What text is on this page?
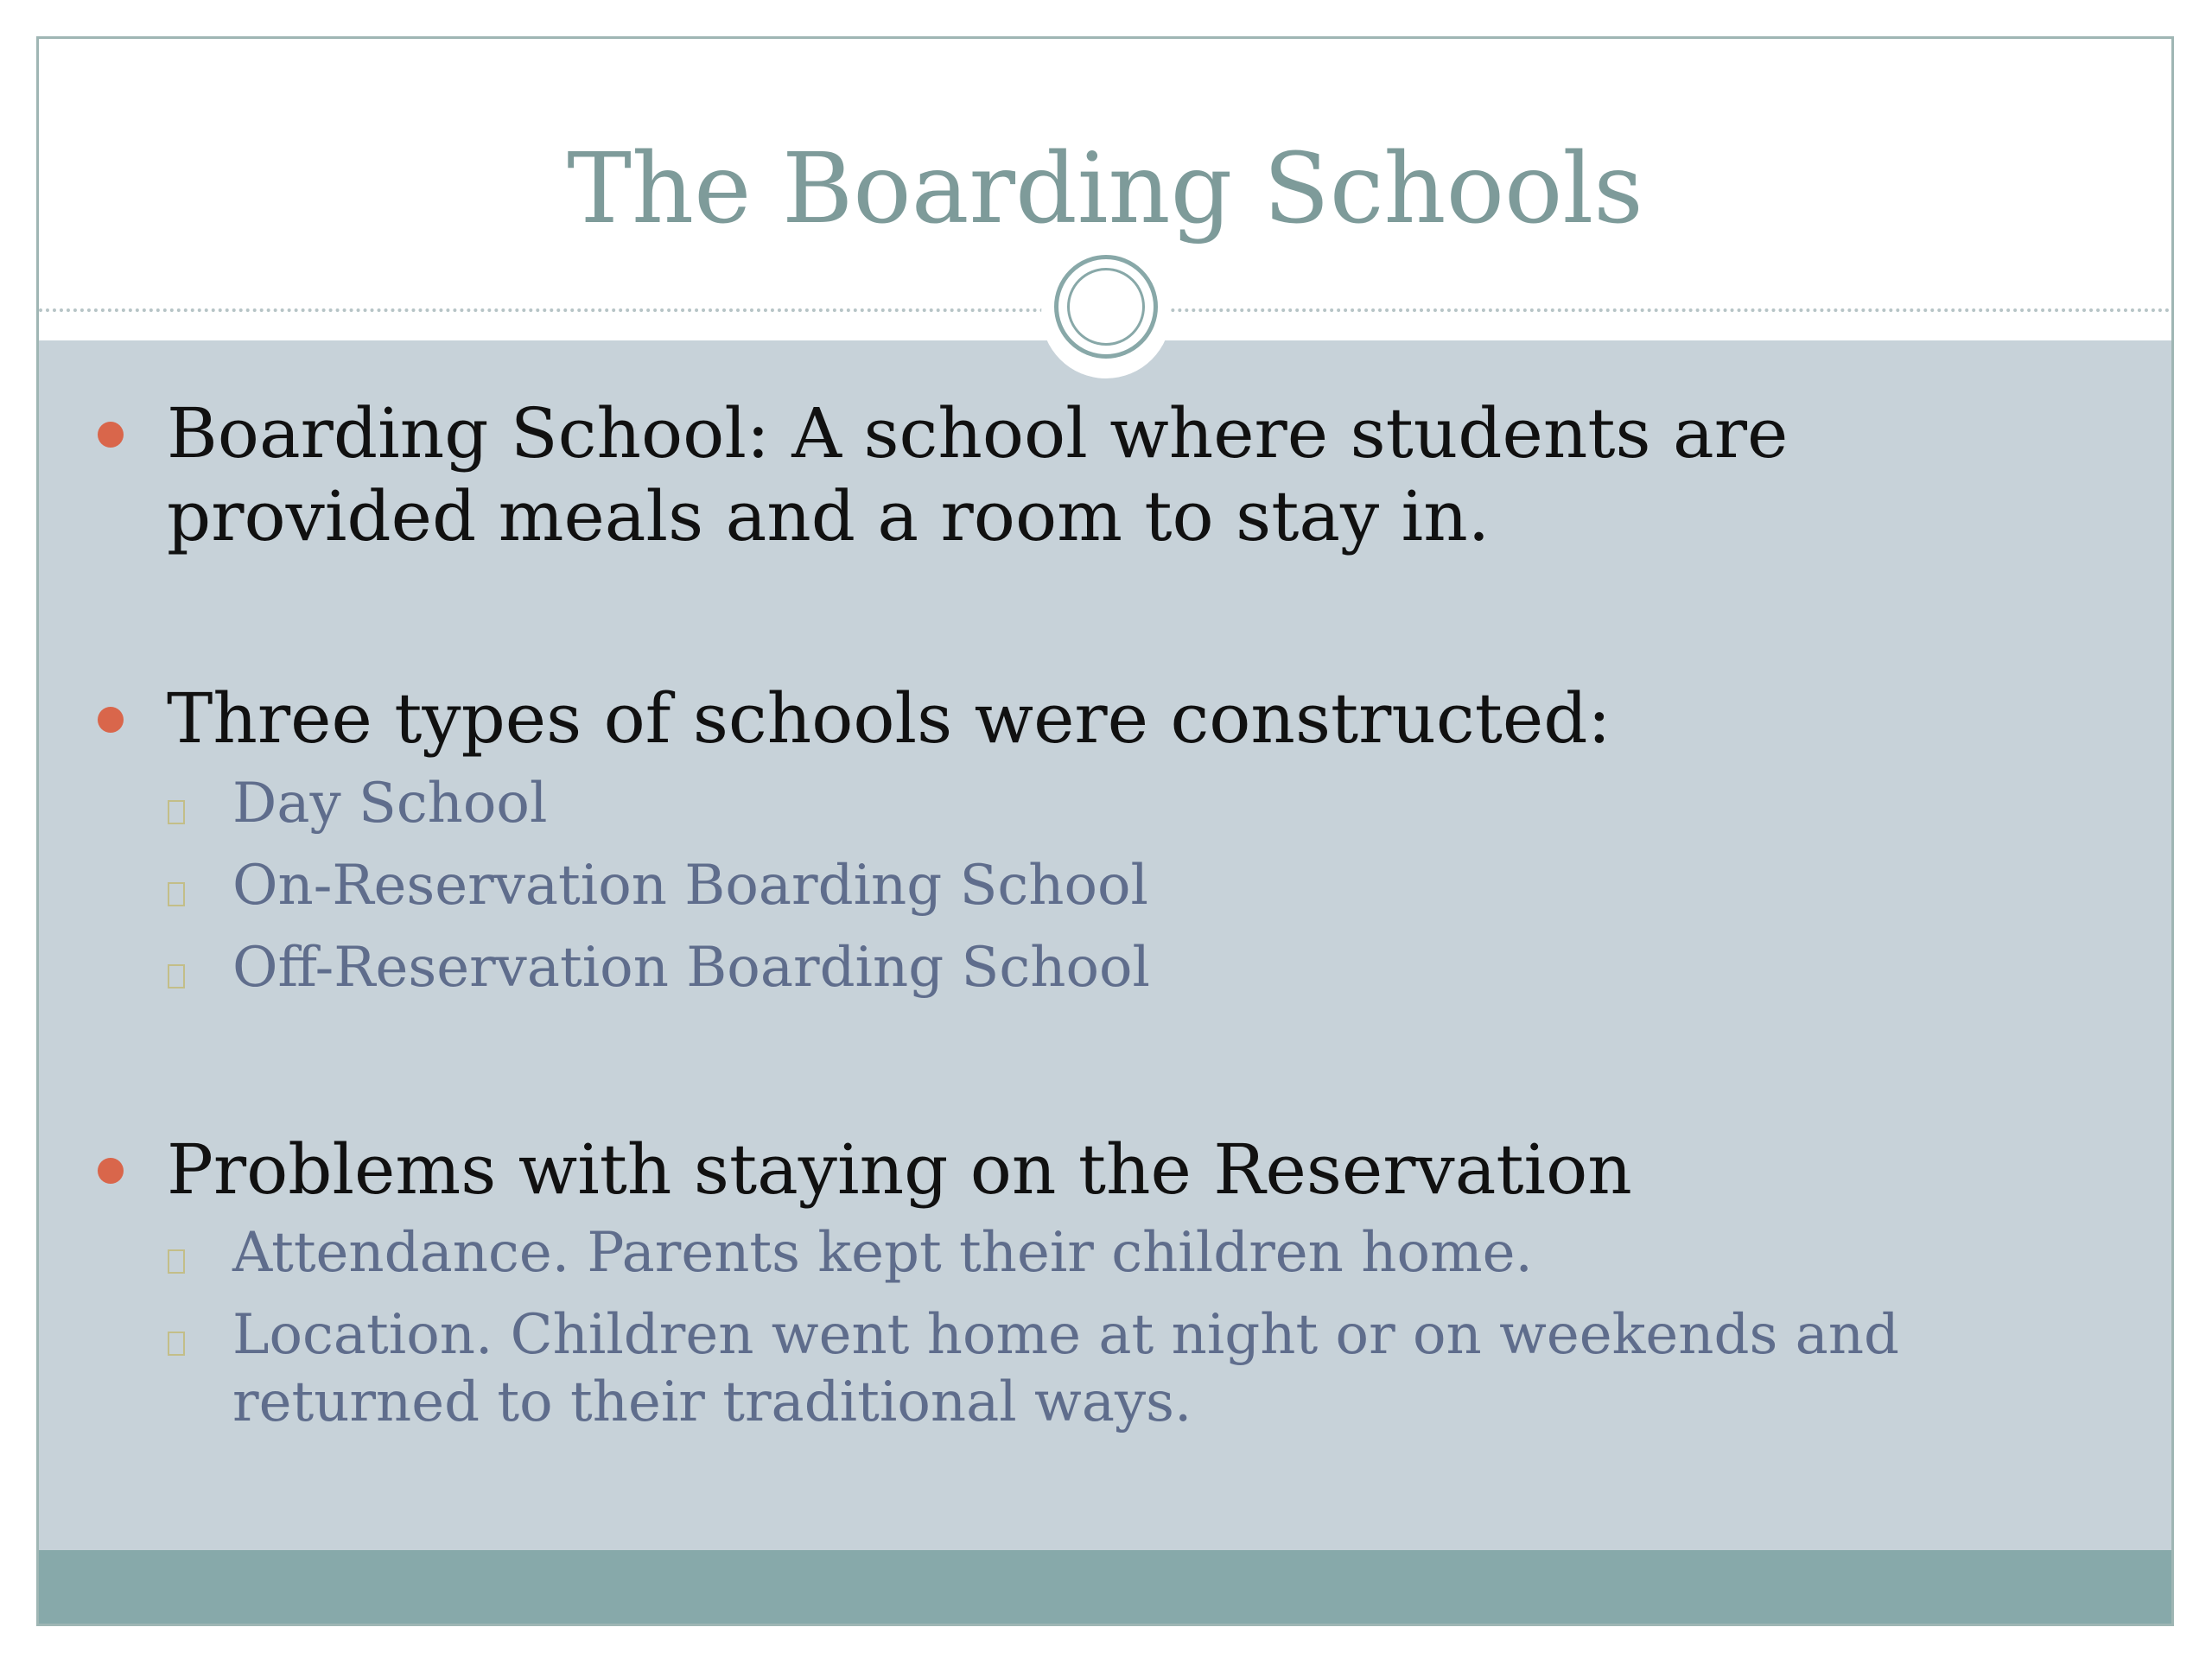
The Boarding Schools
Boarding School: A school where students are provided meals and a room to stay in.
Three types of schools were constructed:
Day School
On-Reservation Boarding School
Off-Reservation Boarding School
Problems with staying on the Reservation
Attendance. Parents kept their children home.
Location. Children went home at night or on weekends and returned to their traditional ways.
